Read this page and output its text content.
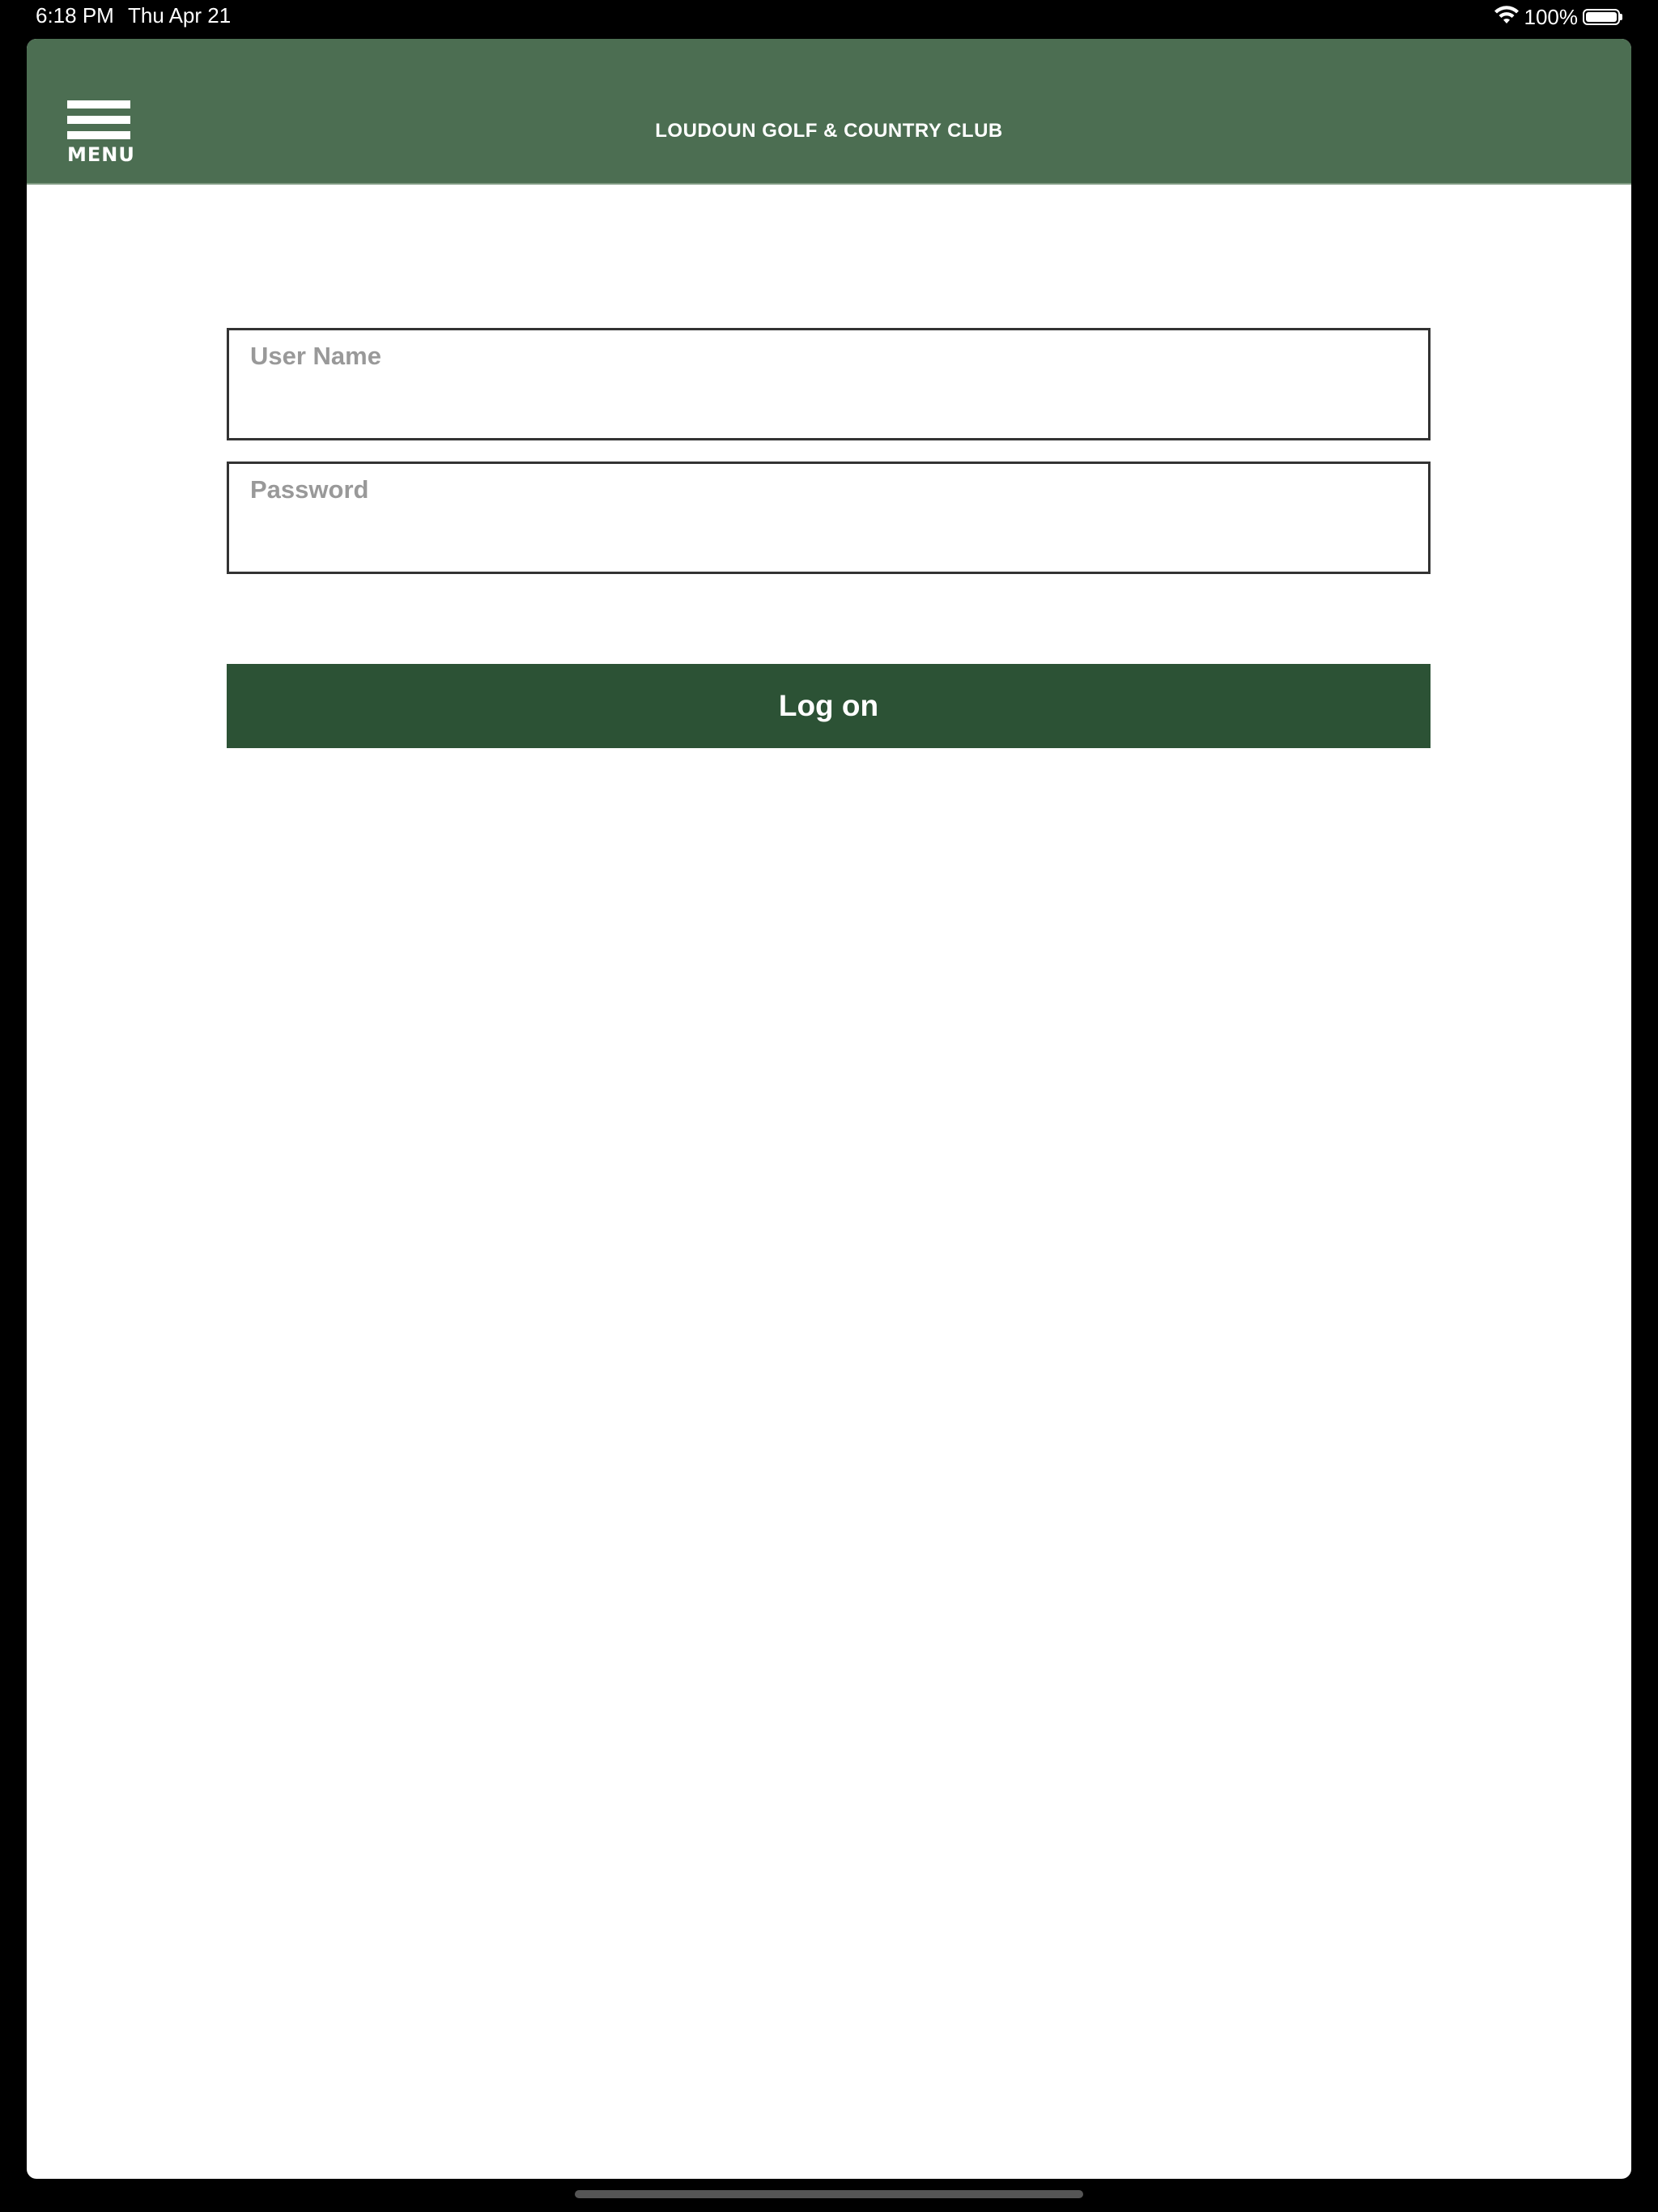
6:18 PM Thu Apr 21	100%
MENU
LOUDOUN GOLF & COUNTRY CLUB
User Name
Log on
